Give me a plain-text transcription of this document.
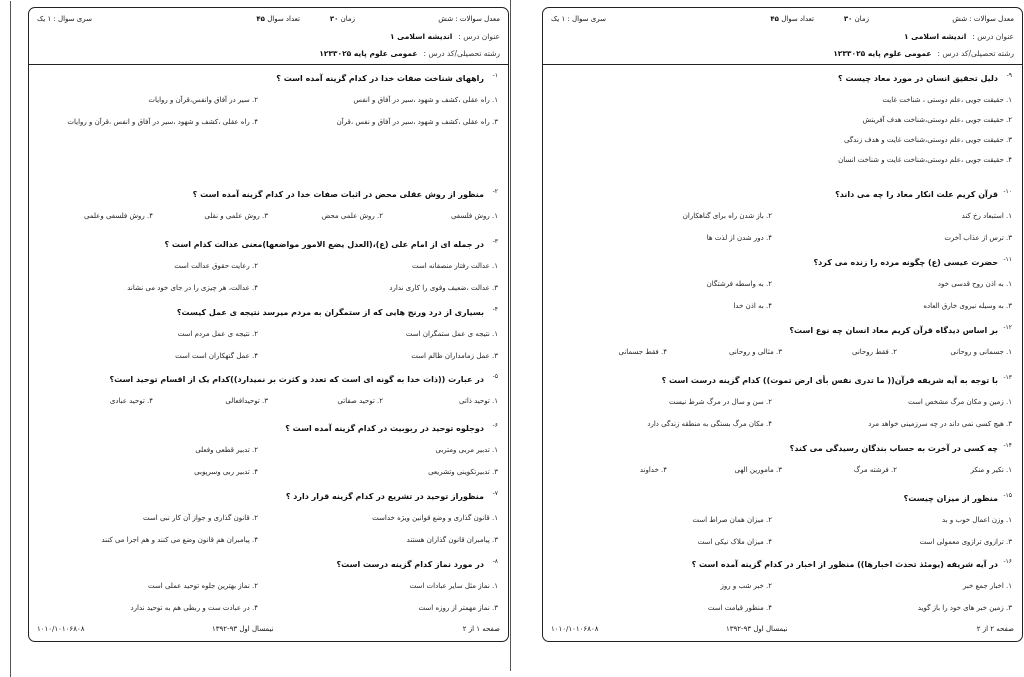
معدل سوالات : شش
زمان ۳۰
تعداد سوال ۴۵
سری سوال : ۱ یک
عنوان درس :اندیشه اسلامی ۱
رشته تحصیلی/کد درس :عمومی علوم پایه ۱۲۳۳۰۲۵
۱-
راههای شناخت صفات خدا در کدام گزینه آمده است ؟
۱. راه عقلی ،کشف و شهود ،سیر در آفاق و انفس
۲. سیر در آفاق وانفس،قرآن و روایات
۳. راه عقلی ،کشف و شهود ،سیر در آفاق و نفس ،قرآن
۴. راه عقلی ،کشف و شهود ،سیر در آفاق و انفس ،قرآن و روایات
۲-
منظور از روش عقلی محض در اثبات صفات خدا در کدام گزینه آمده است ؟
۱. روش فلسفی
۲. روش علمی محض
۳. روش علمی و نقلی
۴. روش فلسفی وعلمی
۳-
در جمله ای از امام علی (ع)،(العدل یضع الامور مواضعها)معنی عدالت کدام است ؟
۱. عدالت رفتار منصفانه است
۲. رعایت حقوق عدالت است
۳. عدالت ،ضعیف وقوی را کاری ندارد
۴. عدالت، هر چیزی را در جای خود می نشاند
۴-
بسیاری از درد ورنج هایی که از ستمگران به مردم میرسد نتیجه ی عمل کیست؟
۱. نتیجه ی عمل ستمگران است
۲. نتیجه ی عمل مردم است
۳. عمل زمامداران ظالم است
۴. عمل گنهکاران است است
۵-
در عبارت ((ذات خدا به گونه ای است که تعدد و کثرت بر نمیدارد))کدام یک از اقسام توحید است؟
۱. توحید ذاتی
۲. توحید صفاتی
۳. توحیدافعالی
۴. توحید عبادی
۶-
دوجلوه توحید در ربوبیت در کدام گزینه آمده است ؟
۱. تدبیر مربی ومتربی
۲. تدبیر قطعی وفعلی
۳. تدبیرتکوینی وتشریعی
۴. تدبیر ربی وسرپوبی
۷-
منظوراز توحید در تشریع در کدام گزینه قرار دارد ؟
۱. قانون گذاری و وضع قوانین ویژه خداست
۲. قانون گذاری و جواز آن کار نبی است
۳. پیامبران قانون گذاران هستند
۴. پیامبران هم قانون وضع می کنند و هم اجرا می کنند
۸-
در مورد نماز کدام گزینه درست است؟
۱. نماز مثل سایر عبادات است
۲. نماز بهترین جلوه توحید عملی است
۳. نماز مهمتر از روزه است
۴. در عبادت ست و ربطی هم به توحید ندارد
۱۰۱۰/۱۰۱۰۶۸۰۸	نیمسال اول ۹۳-۱۳۹۲	صفحه ۱ از ۲
معدل سوالات : شش
زمان ۳۰
تعداد سوال ۴۵
سری سوال : ۱ یک
عنوان درس :اندیشه اسلامی ۱
رشته تحصیلی/کد درس :عمومی علوم پایه ۱۲۳۳۰۲۵
۹-
دلیل تحقیق انسان در مورد معاد چیست ؟
۱. حقیقت جویی ،علم دوستی ، شناخت غایت
۲. حقیقت جویی ،علم دوستی،شناخت هدف آفرینش
۳. حقیقت جویی ،علم دوستی،شناخت غایت و هدف زندگی
۴. حقیقت جویی ،علم دوستی،شناخت غایت و شناخت انسان
۱۰-
قرآن کریم علت انکار معاد را چه می داند؟
۱. استبعاد رخ کند
۲. باز شدن راه برای گناهکاران
۳. ترس از عذاب آخرت
۴. دور شدن از لذت ها
۱۱-
حضرت عیسی (ع) چگونه مرده را زنده می کرد؟
۱. به اذن روح قدسی خود
۲. به واسطه فرشتگان
۳. به وسیله نیروی خارق العاده
۴. به اذن خدا
۱۲-
بر اساس دیدگاه قرآن کریم معاد انسان چه نوع است؟
۱. جسمانی و روحانی
۲. فقط روحانی
۳. مثالی و روحانی
۴. فقط جسمانی
۱۳-
با توجه به آیه شریفه قرآن(( ما تدری نفس بأی ارض تموت)) کدام گزینه درست است ؟
۱. زمین و مکان مرگ مشخص است
۲. سن و سال در مرگ شرط نیست
۳. هیچ کسی نمی داند در چه سرزمینی خواهد مرد
۴. مکان مرگ بستگی به منطقه زندگی دارد
۱۴-
چه کسی در آخرت به حساب بندگان رسیدگی می کند؟
۱. نکیر و منکر
۲. فرشته مرگ
۳. مامورین الهی
۴. خداوند
۱۵-
منظور از میزان چیست؟
۱. وزن اعمال خوب و بد
۲. میزان همان صراط است
۳. ترازوی ترازوی معمولی است
۴. میزان ملاک نیکی است
۱۶-
در آیه شریفه (یومئذ تحدث اخبارها)) منظور از اخبار در کدام گزینه آمده است ؟
۱. اخبار جمع خبر
۲. خبر شب و روز
۳. زمین خبر های خود را باز گوید
۴. منظور قیامت است
۱۰۱۰/۱۰۱۰۶۸۰۸	نیمسال اول ۹۳-۱۳۹۲	صفحه ۲ از ۲
